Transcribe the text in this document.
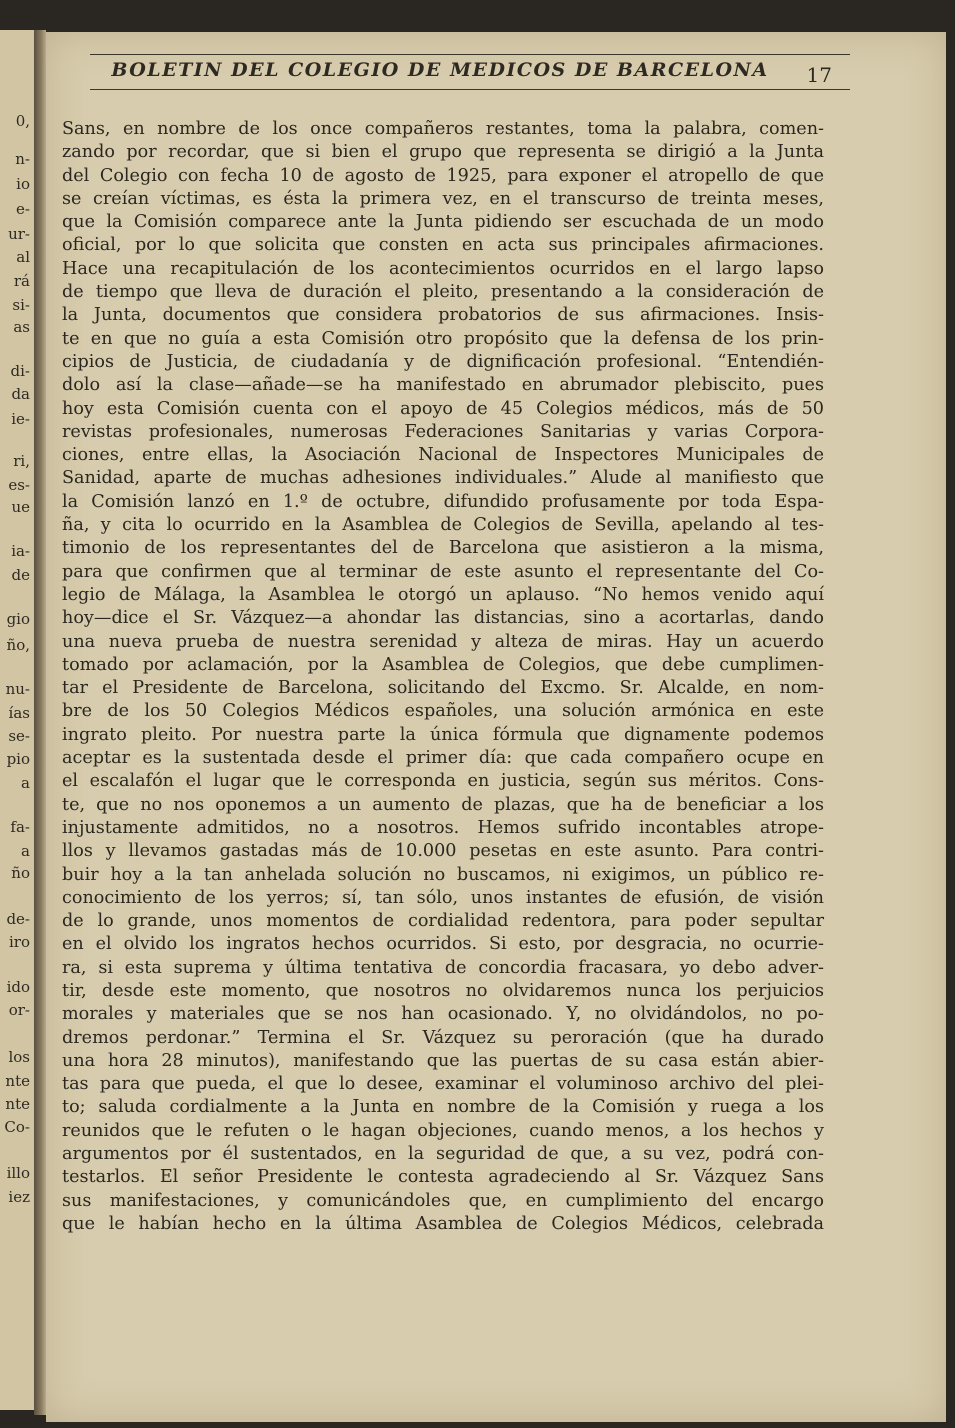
0,
n-
io
e-
ur-
al
rá
si-
as
di-
da
ie-
ri,
es-
ue
ia-
de
gio
ño,
nu-
ías
se-
pio
a
fa-
a
ño
de-
iro
ido
or-
los
nte
nte
Co-
illo
iez
BOLETIN DEL COLEGIO DE MEDICOS DE BARCELONA	17
Sans, en nombre de los once compañeros restantes, toma la palabra, comen-
zando por recordar, que si bien el grupo que representa se dirigió a la Junta
del Colegio con fecha 10 de agosto de 1925, para exponer el atropello de que
se creían víctimas, es ésta la primera vez, en el transcurso de treinta meses,
que la Comisión comparece ante la Junta pidiendo ser escuchada de un modo
oficial, por lo que solicita que consten en acta sus principales afirmaciones.
Hace una recapitulación de los acontecimientos ocurridos en el largo lapso
de tiempo que lleva de duración el pleito, presentando a la consideración de
la Junta, documentos que considera probatorios de sus afirmaciones. Insis-
te en que no guía a esta Comisión otro propósito que la defensa de los prin-
cipios de Justicia, de ciudadanía y de dignificación profesional. “Entendién-
dolo así la clase—añade—se ha manifestado en abrumador plebiscito, pues
hoy esta Comisión cuenta con el apoyo de 45 Colegios médicos, más de 50
revistas profesionales, numerosas Federaciones Sanitarias y varias Corpora-
ciones, entre ellas, la Asociación Nacional de Inspectores Municipales de
Sanidad, aparte de muchas adhesiones individuales.” Alude al manifiesto que
la Comisión lanzó en 1.º de octubre, difundido profusamente por toda Espa-
ña, y cita lo ocurrido en la Asamblea de Colegios de Sevilla, apelando al tes-
timonio de los representantes del de Barcelona que asistieron a la misma,
para que confirmen que al terminar de este asunto el representante del Co-
legio de Málaga, la Asamblea le otorgó un aplauso. “No hemos venido aquí
hoy—dice el Sr. Vázquez—a ahondar las distancias, sino a acortarlas, dando
una nueva prueba de nuestra serenidad y alteza de miras. Hay un acuerdo
tomado por aclamación, por la Asamblea de Colegios, que debe cumplimen-
tar el Presidente de Barcelona, solicitando del Excmo. Sr. Alcalde, en nom-
bre de los 50 Colegios Médicos españoles, una solución armónica en este
ingrato pleito. Por nuestra parte la única fórmula que dignamente podemos
aceptar es la sustentada desde el primer día: que cada compañero ocupe en
el escalafón el lugar que le corresponda en justicia, según sus méritos. Cons-
te, que no nos oponemos a un aumento de plazas, que ha de beneficiar a los
injustamente admitidos, no a nosotros. Hemos sufrido incontables atrope-
llos y llevamos gastadas más de 10.000 pesetas en este asunto. Para contri-
buir hoy a la tan anhelada solución no buscamos, ni exigimos, un público re-
conocimiento de los yerros; sí, tan sólo, unos instantes de efusión, de visión
de lo grande, unos momentos de cordialidad redentora, para poder sepultar
en el olvido los ingratos hechos ocurridos. Si esto, por desgracia, no ocurrie-
ra, si esta suprema y última tentativa de concordia fracasara, yo debo adver-
tir, desde este momento, que nosotros no olvidaremos nunca los perjuicios
morales y materiales que se nos han ocasionado. Y, no olvidándolos, no po-
dremos perdonar.” Termina el Sr. Vázquez su peroración (que ha durado
una hora 28 minutos), manifestando que las puertas de su casa están abier-
tas para que pueda, el que lo desee, examinar el voluminoso archivo del plei-
to; saluda cordialmente a la Junta en nombre de la Comisión y ruega a los
reunidos que le refuten o le hagan objeciones, cuando menos, a los hechos y
argumentos por él sustentados, en la seguridad de que, a su vez, podrá con-
testarlos. El señor Presidente le contesta agradeciendo al Sr. Vázquez Sans
sus manifestaciones, y comunicándoles que, en cumplimiento del encargo
que le habían hecho en la última Asamblea de Colegios Médicos, celebrada
